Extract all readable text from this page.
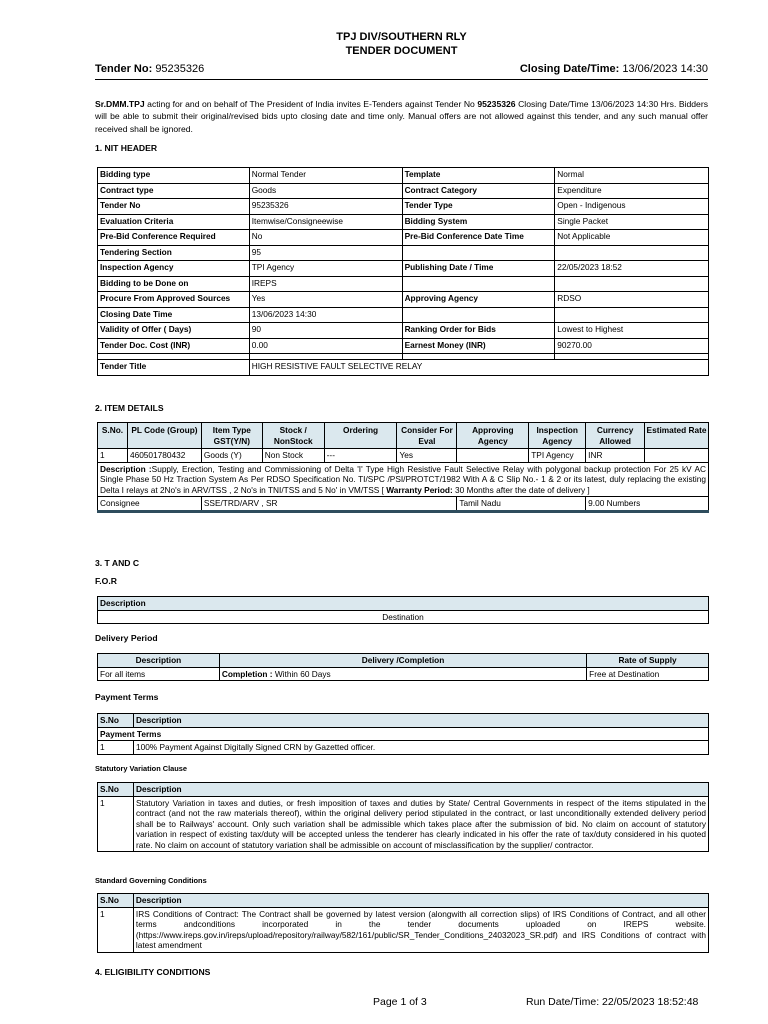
TPJ DIV/SOUTHERN RLY
TENDER DOCUMENT
Tender No: 95235326	Closing Date/Time: 13/06/2023 14:30
Sr.DMM.TPJ acting for and on behalf of The President of India invites E-Tenders against Tender No 95235326 Closing Date/Time 13/06/2023 14:30 Hrs. Bidders will be able to submit their original/revised bids upto closing date and time only. Manual offers are not allowed against this tender, and any such manual offer received shall be ignored.
1. NIT HEADER
Bidding type	Normal Tender	Template	Normal
Contract type	Goods	Contract Category	Expenditure
Tender No	95235326	Tender Type	Open - Indigenous
Evaluation Criteria	Itemwise/Consigneewise	Bidding System	Single Packet
Pre-Bid Conference Required	No	Pre-Bid Conference Date Time	Not Applicable
Tendering Section	95		
Inspection Agency	TPI Agency	Publishing Date / Time	22/05/2023 18:52
Bidding to be Done on	IREPS		
Procure From Approved Sources	Yes	Approving Agency	RDSO
Closing Date Time	13/06/2023 14:30		
Validity of Offer ( Days)	90	Ranking Order for Bids	Lowest to Highest
Tender Doc. Cost (INR)	0.00	Earnest Money (INR)	90270.00

Tender Title	HIGH RESISTIVE FAULT SELECTIVE RELAY		
2. ITEM DETAILS
S.No.	PL Code (Group)	Item Type GST(Y/N)	Stock / NonStock	Ordering	Consider For Eval	Approving Agency	Inspection Agency	Currency Allowed	Estimated Rate
1	460501780432	Goods (Y)	Non Stock	---	Yes		TPI Agency	INR	
Description :Supply, Erection, Testing and Commissioning of Delta 'I' Type High Resistive Fault Selective Relay with polygonal backup protection For 25 kV AC Single Phase 50 Hz Traction System As Per RDSO Specification No. TI/SPC /PSI/PROTCT/1982 With A & C Slip No.- 1 & 2 or its latest, duly replacing the existing Delta I relays at 2No's in ARV/TSS , 2 No's in TNI/TSS and 5 No' in VM/TSS [ Warranty Period: 30 Months after the date of delivery ]									
Consignee		SSE/TRD/ARV , SR				Tamil Nadu		9.00 Numbers	
3. T AND C
F.O.R
Description
Destination
Delivery Period
Description	Delivery /Completion	Rate of Supply
For all items	Completion : Within 60 Days	Free at Destination
Payment Terms
S.No	Description
Payment Terms	
1	100% Payment Against Digitally Signed CRN by Gazetted officer.
Statutory Variation Clause
S.No	Description
1	Statutory Variation in taxes and duties, or fresh imposition of taxes and duties by State/ Central Governments in respect of the items stipulated in the contract (and not the raw materials thereof), within the original delivery period stipulated in the contract, or last unconditionally extended delivery period shall be to Railways' account. Only such variation shall be admissible which takes place after the submission of bid. No claim on account of statutory variation in respect of existing tax/duty will be accepted unless the tenderer has clearly indicated in his offer the rate of tax/duty considered in his quoted rate. No claim on account of statutory variation shall be admissible on account of misclassification by the supplier/ contractor.
Standard Governing Conditions
S.No	Description
1	IRS Conditions of Contract: The Contract shall be governed by latest version (alongwith all correction slips) of IRS Conditions of Contract, and all other terms andconditions incorporated in the tender documents uploaded on IREPS website. (https://www.ireps.gov.in/ireps/upload/repository/railway/582/161/public/SR_Tender_Conditions_24032023_SR.pdf) and IRS Conditions of contract with latest amendment
4. ELIGIBILITY CONDITIONS
Page 1 of 3	Run Date/Time: 22/05/2023 18:52:48
